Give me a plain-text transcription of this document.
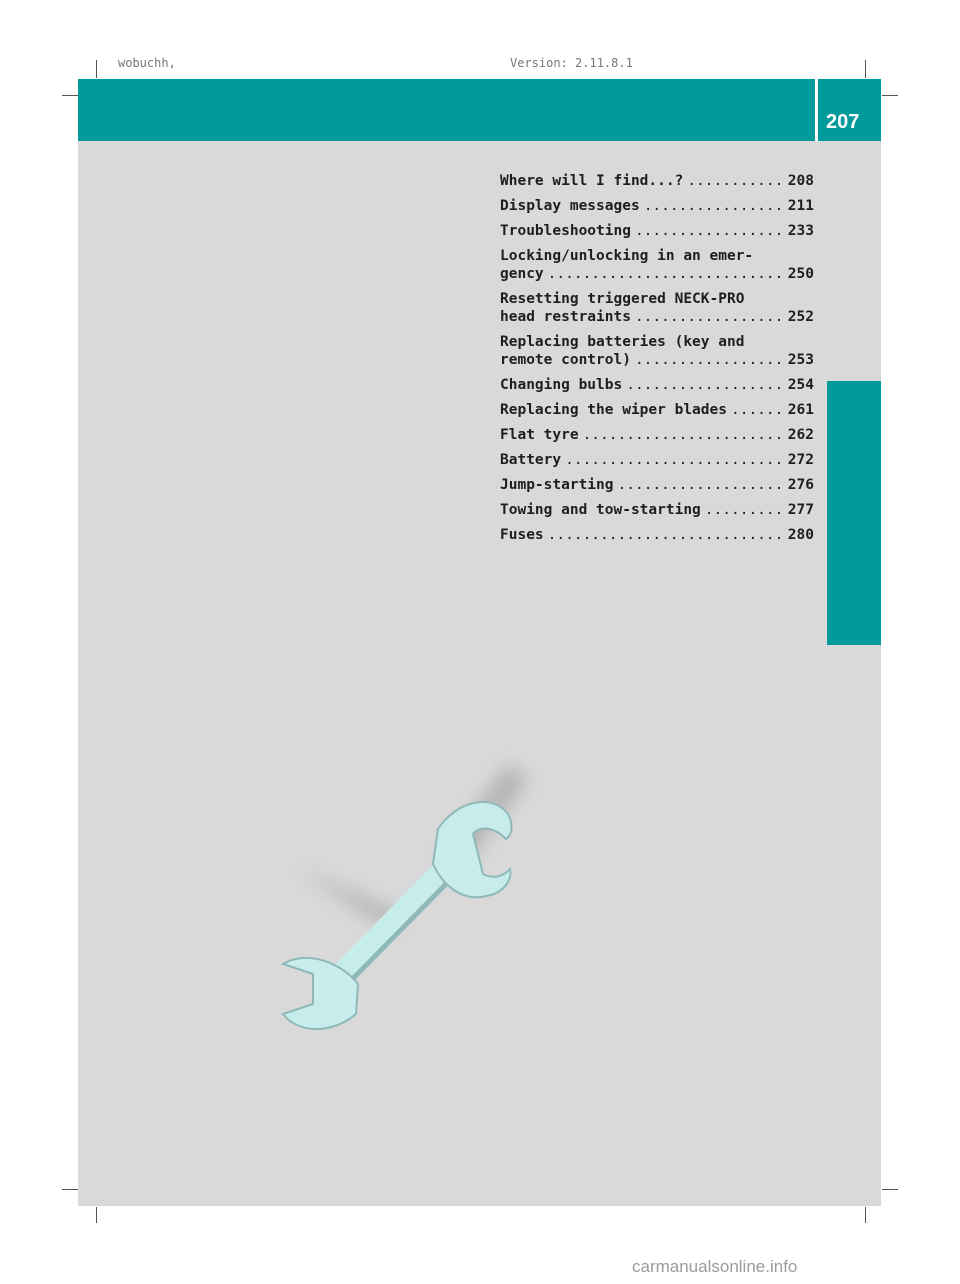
wobuchh,	Version: 2.11.8.1
207
Practical advice
Where will I find...? .....	208
Display messages .....	211
Troubleshooting .....	233
Locking/unlocking in an emer-
gency .....	250
Resetting triggered NECK-PRO
head restraints .....	252
Replacing batteries (key and
remote control) .....	253
Changing bulbs .....	254
Replacing the wiper blades .....	261
Flat tyre .....	262
Battery .....	272
Jump-starting .....	276
Towing and tow-starting .....	277
Fuses .....	280
carmanualsonline.info
